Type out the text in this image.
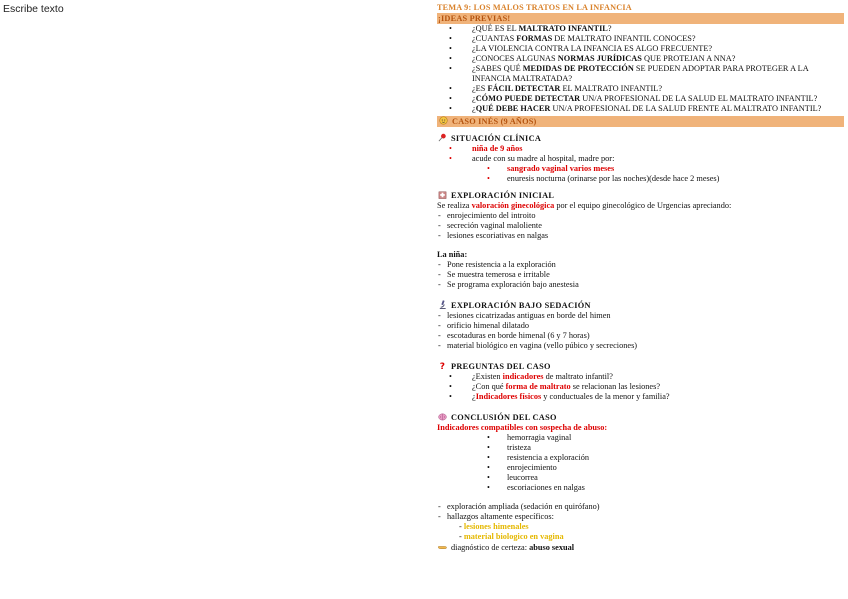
Escribe texto	TEMA 9: LOS MALOS TRATOS EN LA INFANCIA
¡IDEAS PREVIAS!
• ¿QUÉ ES EL MALTRATO INFANTIL?
• ¿CUANTAS FORMAS DE MALTRATO INFANTIL CONOCES?
• ¿LA VIOLENCIA CONTRA LA INFANCIA ES ALGO FRECUENTE?
• ¿CONOCES ALGUNAS NORMAS JURÍDICAS QUE PROTEJAN A NNA?
• ¿SABES QUÉ MEDIDAS DE PROTECCIÓN SE PUEDEN ADOPTAR PARA PROTEGER A LA INFANCIA MALTRATADA?
• ¿ES FÁCIL DETECTAR EL MALTRATO INFANTIL?
• ¿CÓMO PUEDE DETECTAR UN/A PROFESIONAL DE LA SALUD EL MALTRATO INFANTIL?
• ¿QUÉ DEBE HACER UN/A PROFESIONAL DE LA SALUD FRENTE AL MALTRATO INFANTIL?
CASO INÉS (9 AÑOS)
SITUACIÓN CLÍNICA
• niña de 9 años
• acude con su madre al hospital, madre por:
• sangrado vaginal varios meses
• enuresis nocturna (orinarse por las noches)(desde hace 2 meses)
EXPLORACIÓN INICIAL
Se realiza valoración ginecológica por el equipo ginecológico de Urgencias apreciando:
- enrojecimiento del introito
- secreción vaginal maloliente
- lesiones escoriativas en nalgas
La niña:
- Pone resistencia a la exploración
- Se muestra temerosa e irritable
- Se programa exploración bajo anestesia
EXPLORACIÓN BAJO SEDACIÓN
- lesiones cicatrizadas antiguas en borde del himen
- orificio himenal dilatado
- escotaduras en borde himenal (6 y 7 horas)
- material biológico en vagina (vello púbico y secreciones)
? PREGUNTAS DEL CASO
• ¿Existen indicadores de maltrato infantil?
• ¿Con qué forma de maltrato se relacionan las lesiones?
• ¿Indicadores físicos y conductuales de la menor y familia?
CONCLUSIÓN DEL CASO
Indicadores compatibles con sospecha de abuso:
• hemorragia vaginal
• tristeza
• resistencia a exploración
• enrojecimiento
• leucorrea
• escoriaciones en nalgas
- exploración ampliada (sedación en quirófano)
- hallazgos altamente específicos:
- lesiones himenales
- material biologico en vagina
diagnóstico de certeza: abuso sexual
